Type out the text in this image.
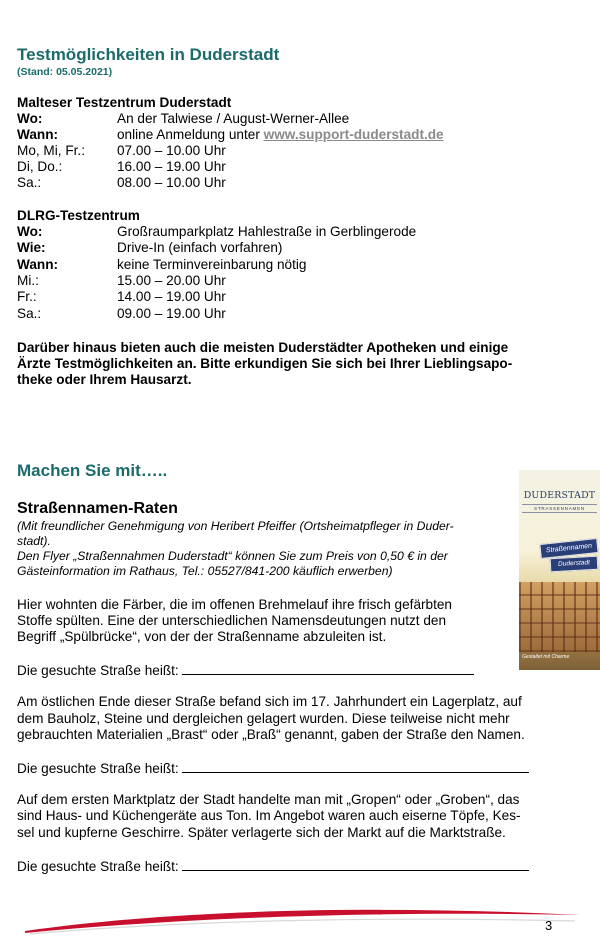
Testmöglichkeiten in Duderstadt
(Stand: 05.05.2021)
Malteser Testzentrum Duderstadt
Wo:	An der Talwiese / August-Werner-Allee
Wann:	online Anmeldung unter www.support-duderstadt.de
Mo, Mi, Fr.: 07.00 – 10.00 Uhr
Di, Do.:	16.00 – 19.00 Uhr
Sa.:	08.00 – 10.00 Uhr
DLRG-Testzentrum
Wo:	Großraumparkplatz Hahlestraße in Gerblingerode
Wie:	Drive-In (einfach vorfahren)
Wann:	keine Terminvereinbarung nötig
Mi.:	15.00 – 20.00 Uhr
Fr.:	14.00 – 19.00 Uhr
Sa.:	09.00 – 19.00 Uhr
Darüber hinaus bieten auch die meisten Duderstädter Apotheken und einige
Ärzte Testmöglichkeiten an. Bitte erkundigen Sie sich bei Ihrer Lieblingsapo-
theke oder Ihrem Hausarzt.
Machen Sie mit…..
Straßennamen-Raten
(Mit freundlicher Genehmigung von Heribert Pfeiffer (Ortsheimatpfleger in Duder-
stadt).
Den Flyer „Straßennahmen Duderstadt“ können Sie zum Preis von 0,50 € in der
Gästeinformation im Rathaus, Tel.: 05527/841-200 käuflich erwerben)
Hier wohnten die Färber, die im offenen Brehmelauf ihre frisch gefärbten
Stoffe spülten. Eine der unterschiedlichen Namensdeutungen nutzt den
Begriff „Spülbrücke“, von der der Straßenname abzuleiten ist.
Die gesuchte Straße heißt:
Am östlichen Ende dieser Straße befand sich im 17. Jahrhundert ein Lagerplatz, auf
dem Bauholz, Steine und dergleichen gelagert wurden. Diese teilweise nicht mehr
gebrauchten Materialien „Brast“ oder „Braß“ genannt, gaben der Straße den Namen.
Die gesuchte Straße heißt:
Auf dem ersten Marktplatz der Stadt handelte man mit „Gropen“ oder „Groben“, das
sind Haus- und Küchengeräte aus Ton. Im Angebot waren auch eiserne Töpfe, Kes-
sel und kupferne Geschirre. Später verlagerte sich der Markt auf die Marktstraße.
Die gesuchte Straße heißt:
DUDERSTADT
STRASSENNAMEN
Straßennamen
Duderstadt
Gestaltet mit Charme
3
